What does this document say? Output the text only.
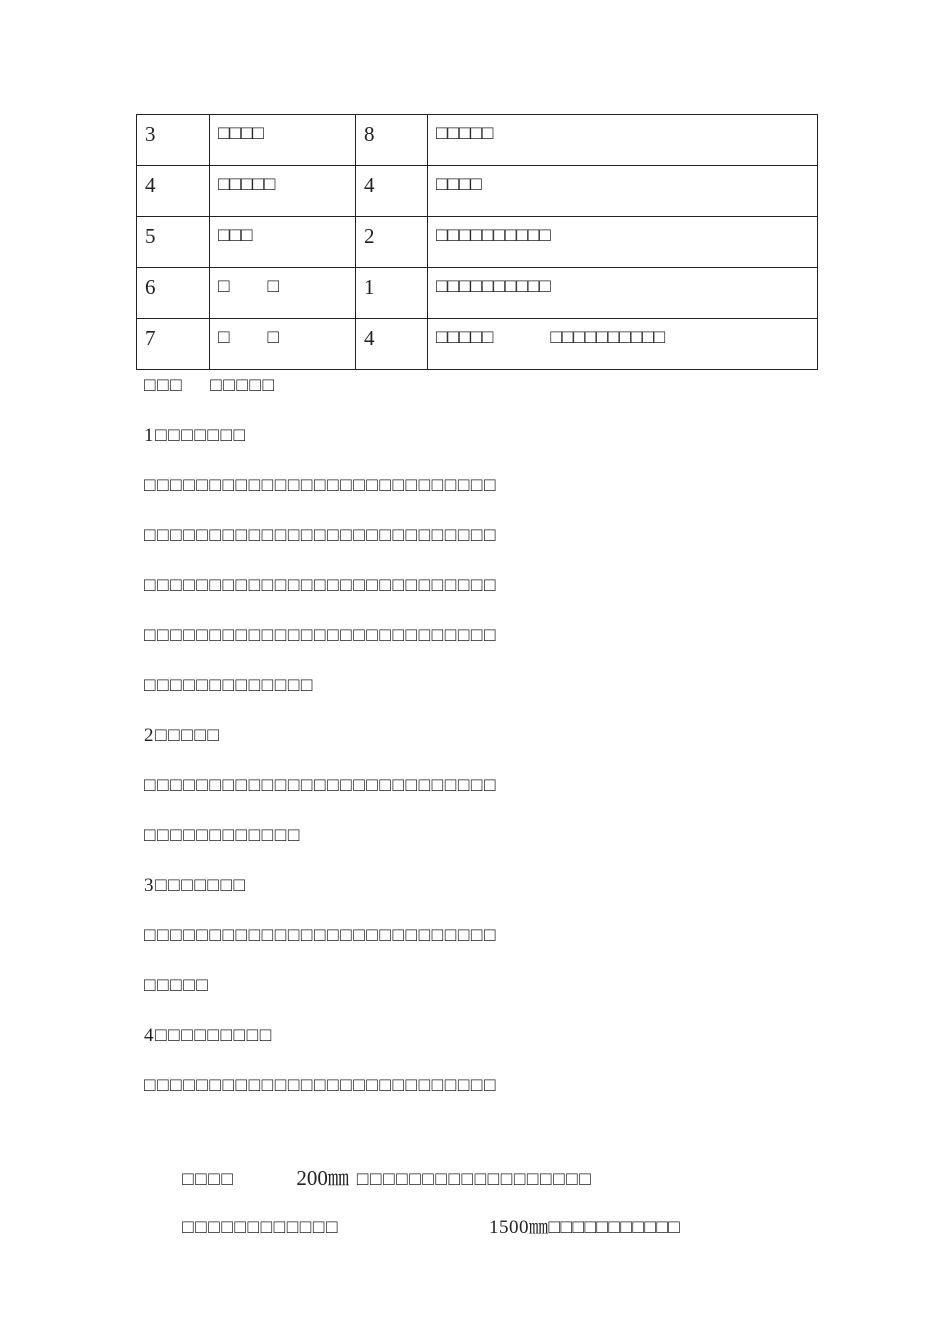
3	□□□□	8	□□□□□
4	□□□□□	4	□□□□
5	□□□	2	□□□□□□□□□□
6	□　　□	1	□□□□□□□□□□
7	□　　□	4	□□□□□　　　□□□□□□□□□□
□□□　 □□□□□
1□□□□□□□
□□□□□□□□□□□□□□□□□□□□□□□□□□□
□□□□□□□□□□□□□□□□□□□□□□□□□□□
□□□□□□□□□□□□□□□□□□□□□□□□□□□
□□□□□□□□□□□□□□□□□□□□□□□□□□□
□□□□□□□□□□□□□
2□□□□□
□□□□□□□□□□□□□□□□□□□□□□□□□□□
□□□□□□□□□□□□
3□□□□□□□
□□□□□□□□□□□□□□□□□□□□□□□□□□□
□□□□□
4□□□□□□□□□
□□□□□□□□□□□□□□□□□□□□□□□□□□□

□□□□	200㎜ □□□□□□□□□□□□□□□□□□

□□□□□□□□□□□□	1500㎜□□□□□□□□□□□
